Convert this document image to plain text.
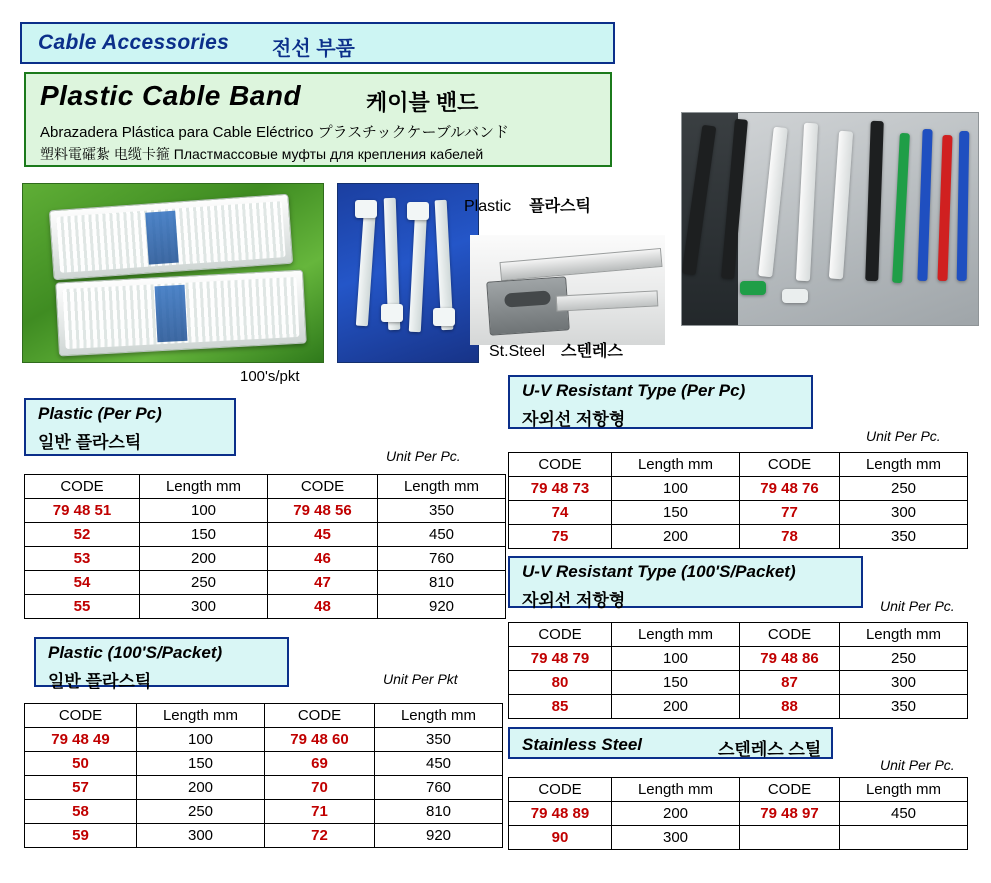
Cable Accessories 전선 부품
Plastic Cable Band	케이블 밴드
Abrazadera Plástica para Cable Eléctrico プラスチックケーブルバンド
塑料電礭紮 电缆卡箍 Пластмассовые муфты для крепления кабелей
Plastic 플라스틱
St.Steel 스텐레스
100's/pkt
Plastic (Per Pc)
일반 플라스틱
Unit Per Pc.
CODE	Length mm	CODE	Length mm
79 48 51	100	79 48 56	350
52	150	45	450
53	200	46	760
54	250	47	810
55	300	48	920
Plastic (100'S/Packet)
일반 플라스틱	Unit Per Pkt
CODE	Length mm	CODE	Length mm
79 48 49	100	79 48 60	350
50	150	69	450
57	200	70	760
58	250	71	810
59	300	72	920
U-V Resistant Type (Per Pc)
자외선 저항형
Unit Per Pc.
CODE	Length mm	CODE	Length mm
79 48 73	100	79 48 76	250
74	150	77	300
75	200	78	350
U-V Resistant Type (100'S/Packet)
자외선 저항형	Unit Per Pc.
CODE	Length mm	CODE	Length mm
79 48 79	100	79 48 86	250
80	150	87	300
85	200	88	350
Stainless Steel	스텐레스 스틸
Unit Per Pc.
CODE	Length mm	CODE	Length mm
79 48 89	200	79 48 97	450
90	300		
